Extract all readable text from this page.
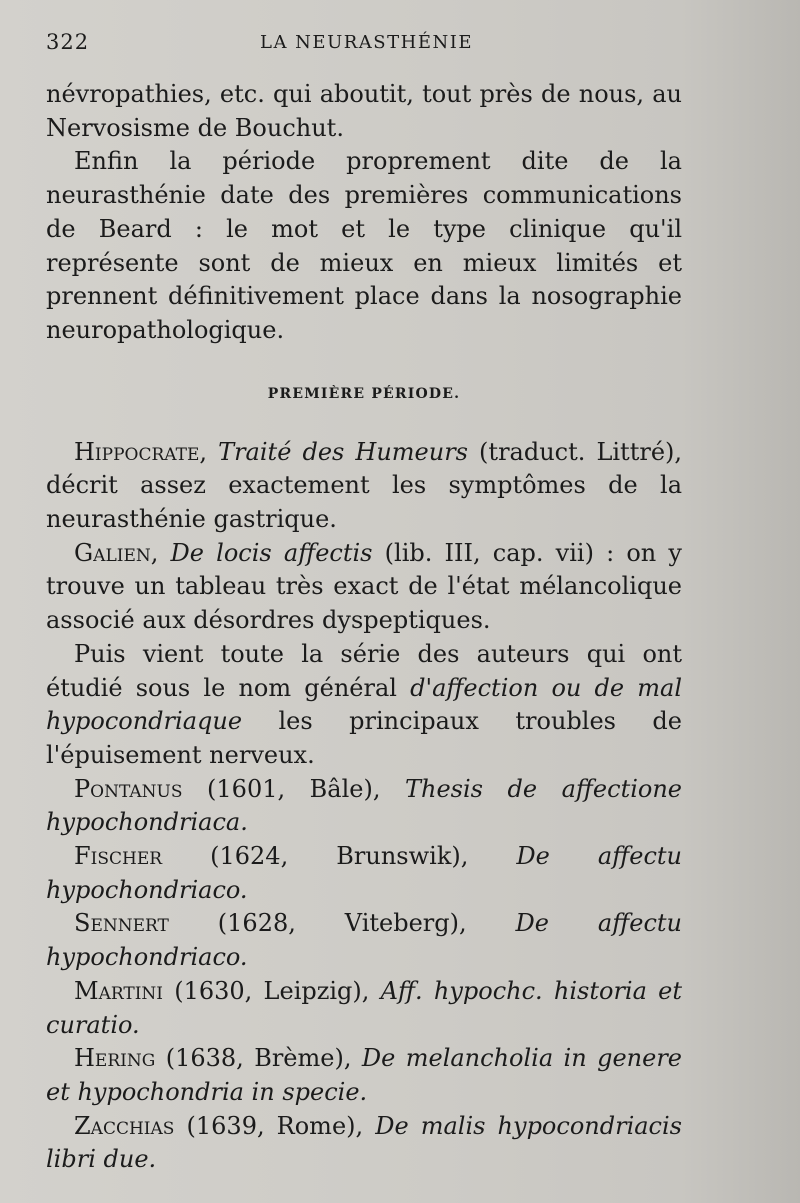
322	LA NEURASTHÉNIE

névropathies, etc. qui aboutit, tout près de nous, au Nervosisme de Bouchut.

Enfin la période proprement dite de la neurasthénie date des premières communications de Beard : le mot et le type clinique qu'il représente sont de mieux en mieux limités et prennent définitivement place dans la nosographie neuropathologique.

PREMIÈRE PÉRIODE.

Hippocrate, Traité des Humeurs (traduct. Littré), décrit assez exactement les symptômes de la neurasthénie gastrique.

Galien, De locis affectis (lib. III, cap. vii) : on y trouve un tableau très exact de l'état mélancolique associé aux désordres dyspeptiques.

Puis vient toute la série des auteurs qui ont étudié sous le nom général d'affection ou de mal hypocondriaque les principaux troubles de l'épuisement nerveux.

Pontanus (1601, Bâle), Thesis de affectione hypochondriaca.

Fischer (1624, Brunswik), De affectu hypochondriaco.

Sennert (1628, Viteberg), De affectu hypochondriaco.

Martini (1630, Leipzig), Aff. hypochc. historia et curatio.

Hering (1638, Brème), De melancholia in genere et hypochondria in specie.

Zacchias (1639, Rome), De malis hypocondriacis libri due.
